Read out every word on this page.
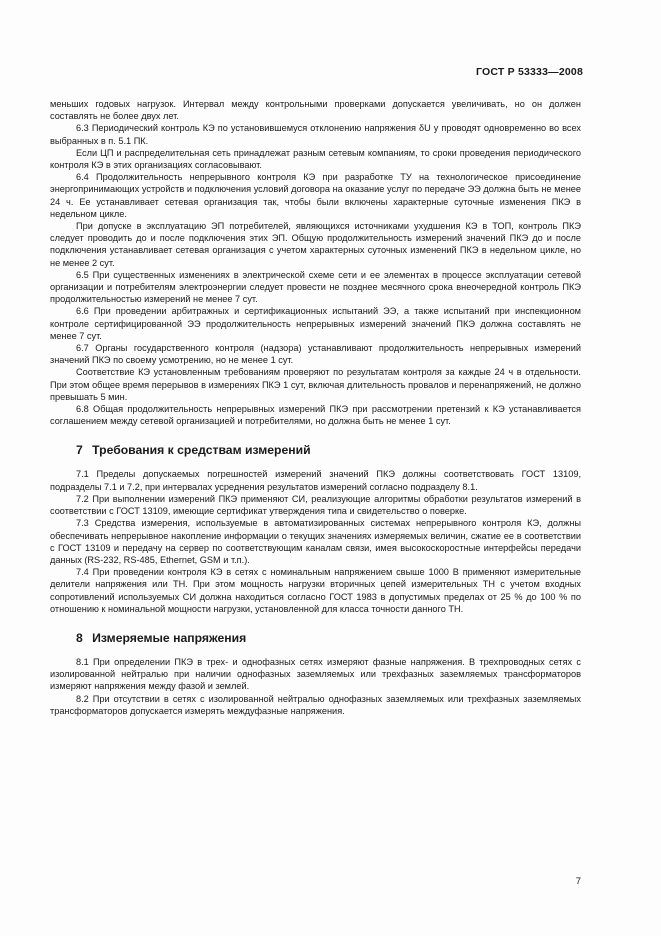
ГОСТ Р 53333—2008

меньших годовых нагрузок. Интервал между контрольными проверками допускается увеличивать, но он должен составлять не более двух лет.

6.3 Периодический контроль КЭ по установившемуся отклонению напряжения δU у проводят одновременно во всех выбранных в п. 5.1 ПК.

Если ЦП и распределительная сеть принадлежат разным сетевым компаниям, то сроки проведения периодического контроля КЭ в этих организациях согласовывают.

6.4 Продолжительность непрерывного контроля КЭ при разработке ТУ на технологическое присоединение энергопринимающих устройств и подключения условий договора на оказание услуг по передаче ЭЭ должна быть не менее 24 ч. Ее устанавливает сетевая организация так, чтобы были включены характерные суточные изменения ПКЭ в недельном цикле.

При допуске в эксплуатацию ЭП потребителей, являющихся источниками ухудшения КЭ в ТОП, контроль ПКЭ следует проводить до и после подключения этих ЭП. Общую продолжительность измерений значений ПКЭ до и после подключения устанавливает сетевая организация с учетом характерных суточных изменений ПКЭ в недельном цикле, но не менее 2 сут.

6.5 При существенных изменениях в электрической схеме сети и ее элементах в процессе эксплуатации сетевой организации и потребителям электроэнергии следует провести не позднее месячного срока внеочередной контроль ПКЭ продолжительностью измерений не менее 7 сут.

6.6 При проведении арбитражных и сертификационных испытаний ЭЭ, а также испытаний при инспекционном контроле сертифицированной ЭЭ продолжительность непрерывных измерений значений ПКЭ должна составлять не менее 7 сут.

6.7 Органы государственного контроля (надзора) устанавливают продолжительность непрерывных измерений значений ПКЭ по своему усмотрению, но не менее 1 сут.

Соответствие КЭ установленным требованиям проверяют по результатам контроля за каждые 24 ч в отдельности. При этом общее время перерывов в измерениях ПКЭ 1 сут, включая длительность провалов и перенапряжений, не должно превышать 5 мин.

6.8 Общая продолжительность непрерывных измерений ПКЭ при рассмотрении претензий к КЭ устанавливается соглашением между сетевой организацией и потребителями, но должна быть не менее 1 сут.

7 Требования к средствам измерений

7.1 Пределы допускаемых погрешностей измерений значений ПКЭ должны соответствовать ГОСТ 13109, подразделы 7.1 и 7.2, при интервалах усреднения результатов измерений согласно подразделу 8.1.

7.2 При выполнении измерений ПКЭ применяют СИ, реализующие алгоритмы обработки результатов измерений в соответствии с ГОСТ 13109, имеющие сертификат утверждения типа и свидетельство о поверке.

7.3 Средства измерения, используемые в автоматизированных системах непрерывного контроля КЭ, должны обеспечивать непрерывное накопление информации о текущих значениях измеряемых величин, сжатие ее в соответствии с ГОСТ 13109 и передачу на сервер по соответствующим каналам связи, имея высокоскоростные интерфейсы передачи данных (RS-232, RS-485, Ethernet, GSM и т.п.).

7.4 При проведении контроля КЭ в сетях с номинальным напряжением свыше 1000 В применяют измерительные делители напряжения или ТН. При этом мощность нагрузки вторичных цепей измерительных ТН с учетом входных сопротивлений используемых СИ должна находиться согласно ГОСТ 1983 в допустимых пределах от 25 % до 100 % по отношению к номинальной мощности нагрузки, установленной для класса точности данного ТН.

8 Измеряемые напряжения

8.1 При определении ПКЭ в трех- и однофазных сетях измеряют фазные напряжения. В трехпроводных сетях с изолированной нейтралью при наличии однофазных заземляемых или трехфазных заземляемых трансформаторов измеряют напряжения между фазой и землей.

8.2 При отсутствии в сетях с изолированной нейтралью однофазных заземляемых или трехфазных заземляемых трансформаторов допускается измерять междуфазные напряжения.

7
